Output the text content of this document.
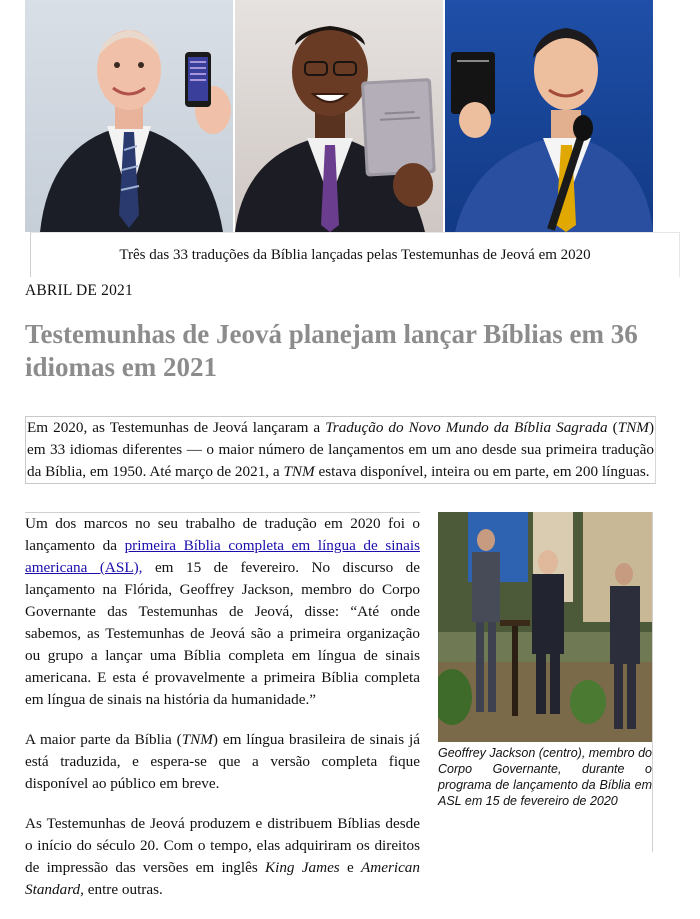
Três das 33 traduções da Bíblia lançadas pelas Testemunhas de Jeová em 2020
ABRIL DE 2021
Testemunhas de Jeová planejam lançar Bíblias em 36 idiomas em 2021
Em 2020, as Testemunhas de Jeová lançaram a Tradução do Novo Mundo da Bíblia Sagrada (TNM) em 33 idiomas diferentes — o maior número de lançamentos em um ano desde sua primeira tradução da Bíblia, em 1950. Até março de 2021, a TNM estava disponível, inteira ou em parte, em 200 línguas.

Um dos marcos no seu trabalho de tradução em 2020 foi o lançamento da primeira Bíblia completa em língua de sinais americana (ASL), em 15 de fevereiro. No discurso de lançamento na Flórida, Geoffrey Jackson, membro do Corpo Governante das Testemunhas de Jeová, disse: “Até onde sabemos, as Testemunhas de Jeová são a primeira organização ou grupo a lançar uma Bíblia completa em língua de sinais americana. E esta é provavelmente a primeira Bíblia completa em língua de sinais na história da humanidade.”

A maior parte da Bíblia (TNM) em língua brasileira de sinais já está traduzida, e espera-se que a versão completa fique disponível ao público em breve.

As Testemunhas de Jeová produzem e distribuem Bíblias desde o início do século 20. Com o tempo, elas adquiriram os direitos de impressão das versões em inglês King James e American Standard, entre outras.

Geoffrey Jackson (centro), membro do Corpo Governante, durante o programa de lançamento da Bíblia em ASL em 15 de fevereiro de 2020
